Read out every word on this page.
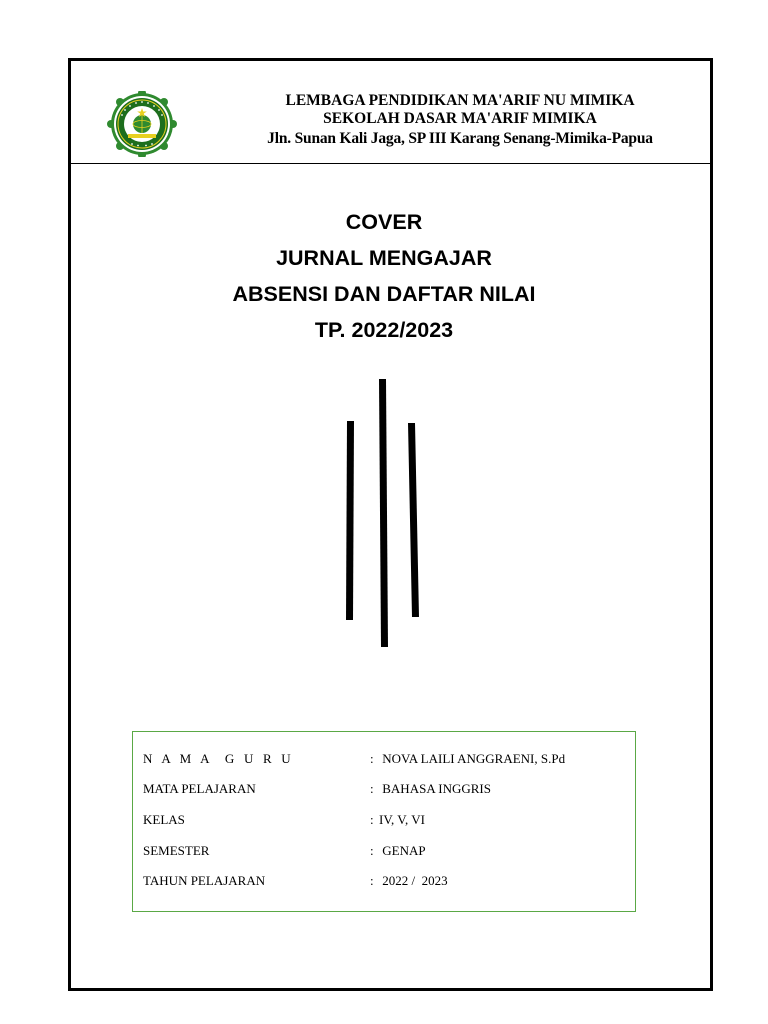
LEMBAGA PENDIDIKAN MA'ARIF NU MIMIKA
SEKOLAH DASAR MA'ARIF MIMIKA
Jln. Sunan Kali Jaga, SP III Karang Senang-Mimika-Papua
COVER
JURNAL MENGAJAR
ABSENSI DAN DAFTAR NILAI
TP. 2022/2023
N A M A  G U R U	: NOVA LAILI ANGGRAENI, S.Pd
MATA PELAJARAN	: BAHASA INGGRIS
KELAS	: IV, V, VI
SEMESTER	: GENAP
TAHUN PELAJARAN	: 2022 /  2023
